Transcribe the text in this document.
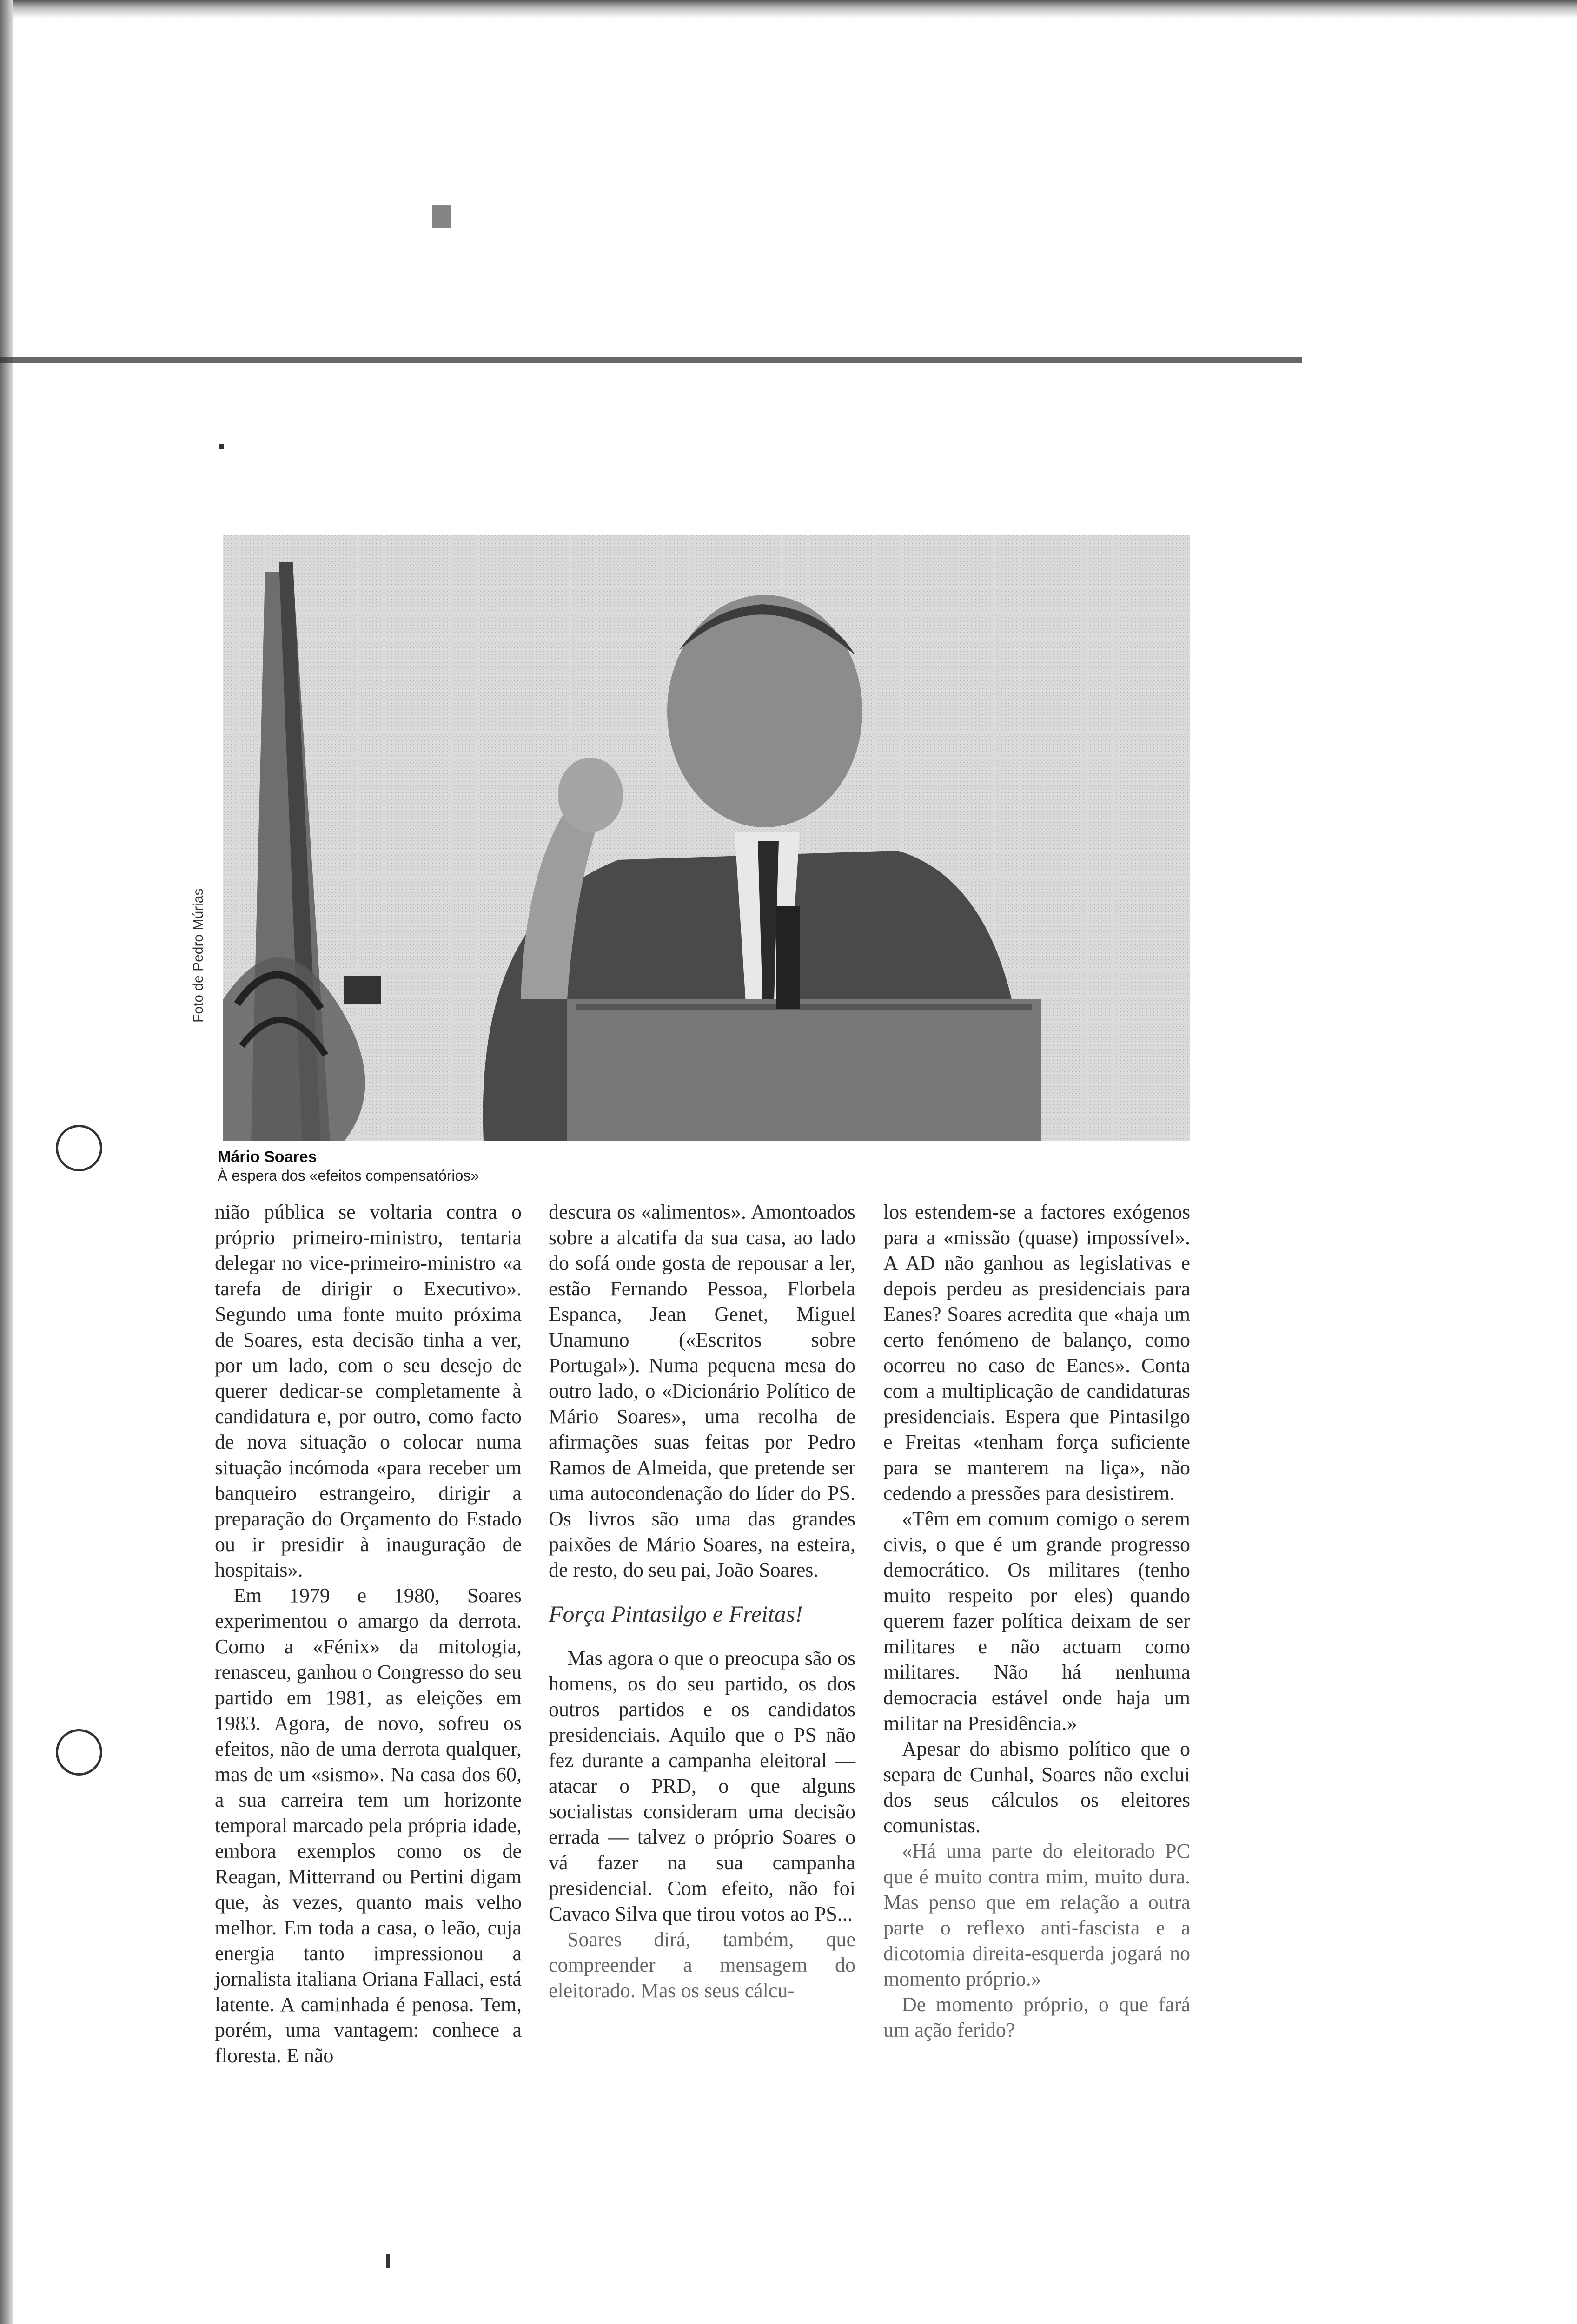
Foto de Pedro Múrias
Mário Soares
À espera dos «efeitos compensatórios»

nião pública se voltaria contra o próprio primeiro-ministro, tentaria delegar no vice-primeiro-ministro «a tarefa de dirigir o Executivo». Segundo uma fonte muito próxima de Soares, esta decisão tinha a ver, por um lado, com o seu desejo de querer dedicar-se completamente à candidatura e, por outro, como facto de nova situação o colocar numa situação incómoda «para receber um banqueiro estrangeiro, dirigir a preparação do Orçamento do Estado ou ir presidir à inauguração de hospitais».

Em 1979 e 1980, Soares experimentou o amargo da derrota. Como a «Fénix» da mitologia, renasceu, ganhou o Congresso do seu partido em 1981, as eleições em 1983. Agora, de novo, sofreu os efeitos, não de uma derrota qualquer, mas de um «sismo». Na casa dos 60, a sua carreira tem um horizonte temporal marcado pela própria idade, embora exemplos como os de Reagan, Mitterrand ou Pertini digam que, às vezes, quanto mais velho melhor. Em toda a casa, o leão, cuja energia tanto impressionou a jornalista italiana Oriana Fallaci, está latente. A caminhada é penosa. Tem, porém, uma vantagem: conhece a floresta. E não

descura os «alimentos». Amontoados sobre a alcatifa da sua casa, ao lado do sofá onde gosta de repousar a ler, estão Fernando Pessoa, Florbela Espanca, Jean Genet, Miguel Unamuno («Escritos sobre Portugal»). Numa pequena mesa do outro lado, o «Dicionário Político de Mário Soares», uma recolha de afirmações suas feitas por Pedro Ramos de Almeida, que pretende ser uma autocondenação do líder do PS. Os livros são uma das grandes paixões de Mário Soares, na esteira, de resto, do seu pai, João Soares.

Força Pintasilgo e Freitas!

Mas agora o que o preocupa são os homens, os do seu partido, os dos outros partidos e os candidatos presidenciais. Aquilo que o PS não fez durante a campanha eleitoral — atacar o PRD, o que alguns socialistas consideram uma decisão errada — talvez o próprio Soares o vá fazer na sua campanha presidencial. Com efeito, não foi Cavaco Silva que tirou votos ao PS...

Soares dirá, também, que compreender a mensagem do eleitorado. Mas os seus cálcu-

los estendem-se a factores exógenos para a «missão (quase) impossível». A AD não ganhou as legislativas e depois perdeu as presidenciais para Eanes? Soares acredita que «haja um certo fenómeno de balanço, como ocorreu no caso de Eanes». Conta com a multiplicação de candidaturas presidenciais. Espera que Pintasilgo e Freitas «tenham força suficiente para se manterem na liça», não cedendo a pressões para desistirem.

«Têm em comum comigo o serem civis, o que é um grande progresso democrático. Os militares (tenho muito respeito por eles) quando querem fazer política deixam de ser militares e não actuam como militares. Não há nenhuma democracia estável onde haja um militar na Presidência.»

Apesar do abismo político que o separa de Cunhal, Soares não exclui dos seus cálculos os eleitores comunistas.

«Há uma parte do eleitorado PC que é muito contra mim, muito dura. Mas penso que em relação a outra parte o reflexo anti-fascista e a dicotomia direita-esquerda jogará no momento próprio.»

De momento próprio, o que fará um ação ferido?
